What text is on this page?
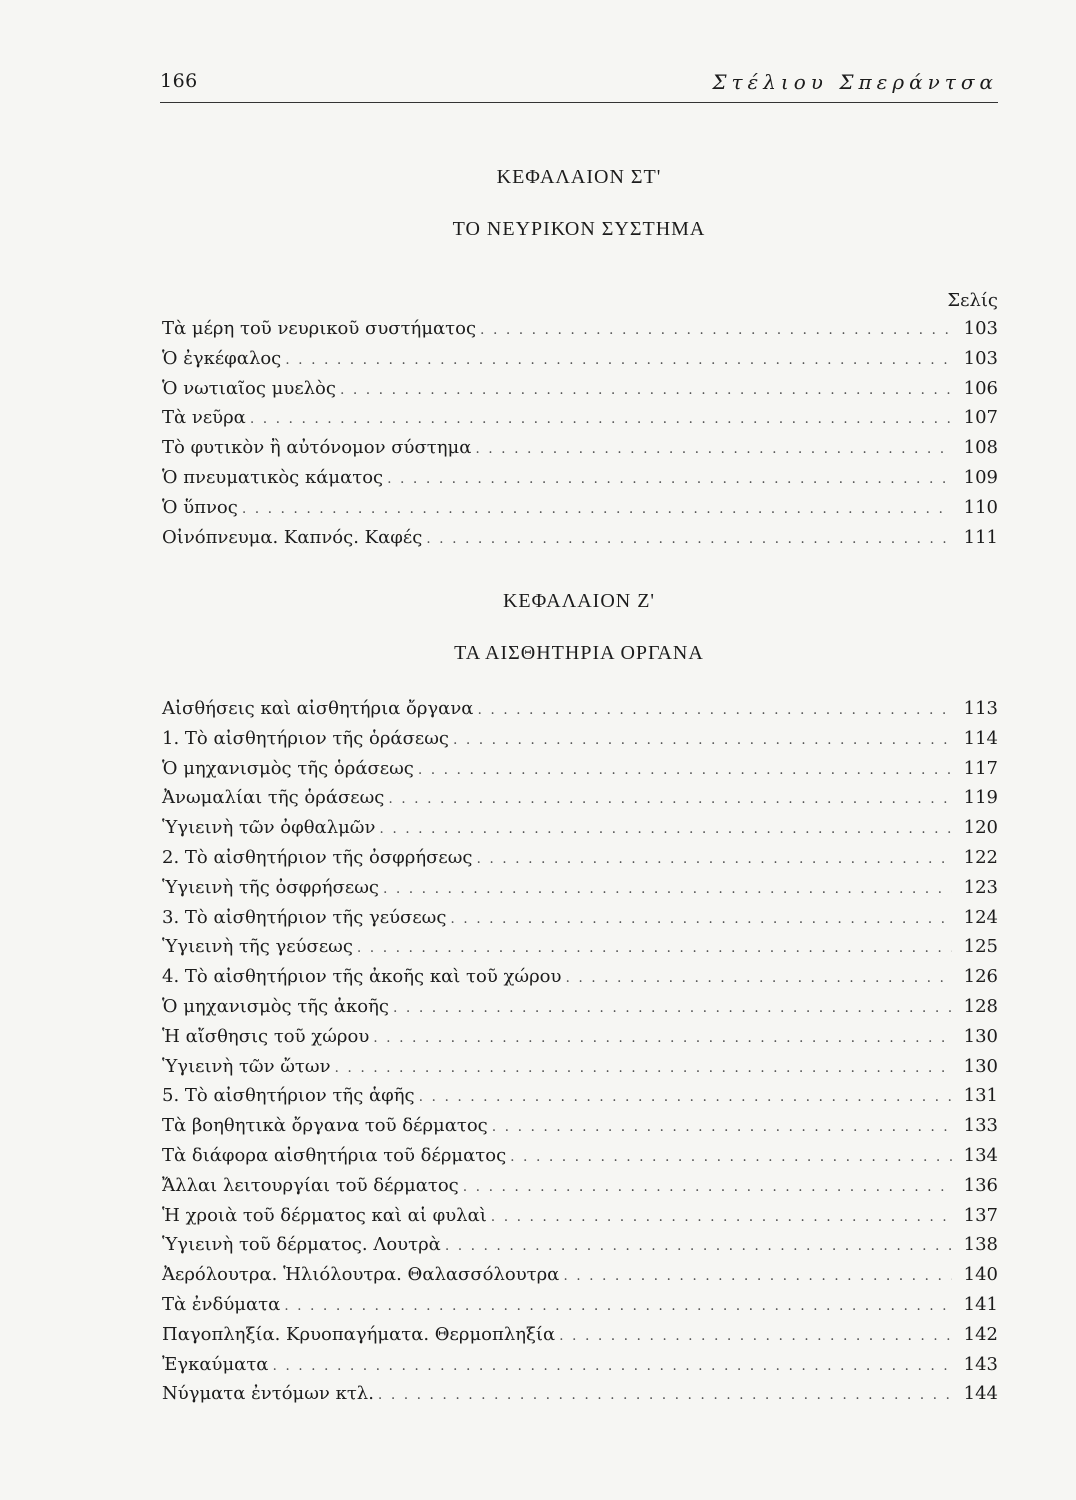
166	Στέλιου Σπεράντσα
ΚΕΦΑΛΑΙΟΝ ΣΤ'
ΤΟ ΝΕΥΡΙΚΟΝ ΣΥΣΤΗΜΑ
Σελίς
Τὰ μέρη τοῦ νευρικοῦ συστήματος . . .	103
Ὁ ἐγκέφαλος . . .	103
Ὁ νωτιαῖος μυελὸς . . .	106
Τὰ νεῦρα . . .	107
Τὸ φυτικὸν ἢ αὐτόνομον σύστημα . . .	108
Ὁ πνευματικὸς κάματος . . .	109
Ὁ ὕπνος . . .	110
Οἰνόπνευμα. Καπνός. Καφές . . .	111
ΚΕΦΑΛΑΙΟΝ Ζ'
ΤΑ ΑΙΣΘΗΤΗΡΙΑ ΟΡΓΑΝΑ
Αἰσθήσεις καὶ αἰσθητήρια ὄργανα . . .	113
1. Τὸ αἰσθητήριον τῆς ὁράσεως . . .	114
Ὁ μηχανισμὸς τῆς ὁράσεως . . .	117
Ἀνωμαλίαι τῆς ὁράσεως . . .	119
Ὑγιεινὴ τῶν ὀφθαλμῶν . . .	120
2. Τὸ αἰσθητήριον τῆς ὀσφρήσεως . . .	122
Ὑγιεινὴ τῆς ὀσφρήσεως . . .	123
3. Τὸ αἰσθητήριον τῆς γεύσεως . . .	124
Ὑγιεινὴ τῆς γεύσεως . . .	125
4. Τὸ αἰσθητήριον τῆς ἀκοῆς καὶ τοῦ χώρου . . .	126
Ὁ μηχανισμὸς τῆς ἀκοῆς . . .	128
Ἡ αἴσθησις τοῦ χώρου . . .	130
Ὑγιεινὴ τῶν ὤτων . . .	130
5. Τὸ αἰσθητήριον τῆς ἁφῆς . . .	131
Τὰ βοηθητικὰ ὄργανα τοῦ δέρματος . . .	133
Τὰ διάφορα αἰσθητήρια τοῦ δέρματος . . .	134
Ἄλλαι λειτουργίαι τοῦ δέρματος . . .	136
Ἡ χροιὰ τοῦ δέρματος καὶ αἱ φυλαὶ . . .	137
Ὑγιεινὴ τοῦ δέρματος. Λουτρὰ . . .	138
Ἀερόλουτρα. Ἡλιόλουτρα. Θαλασσόλουτρα . . .	140
Τὰ ἐνδύματα . . .	141
Παγοπληξία. Κρυοπαγήματα. Θερμοπληξία . . .	142
Ἐγκαύματα . . .	143
Νύγματα ἐντόμων κτλ. . . .	144
